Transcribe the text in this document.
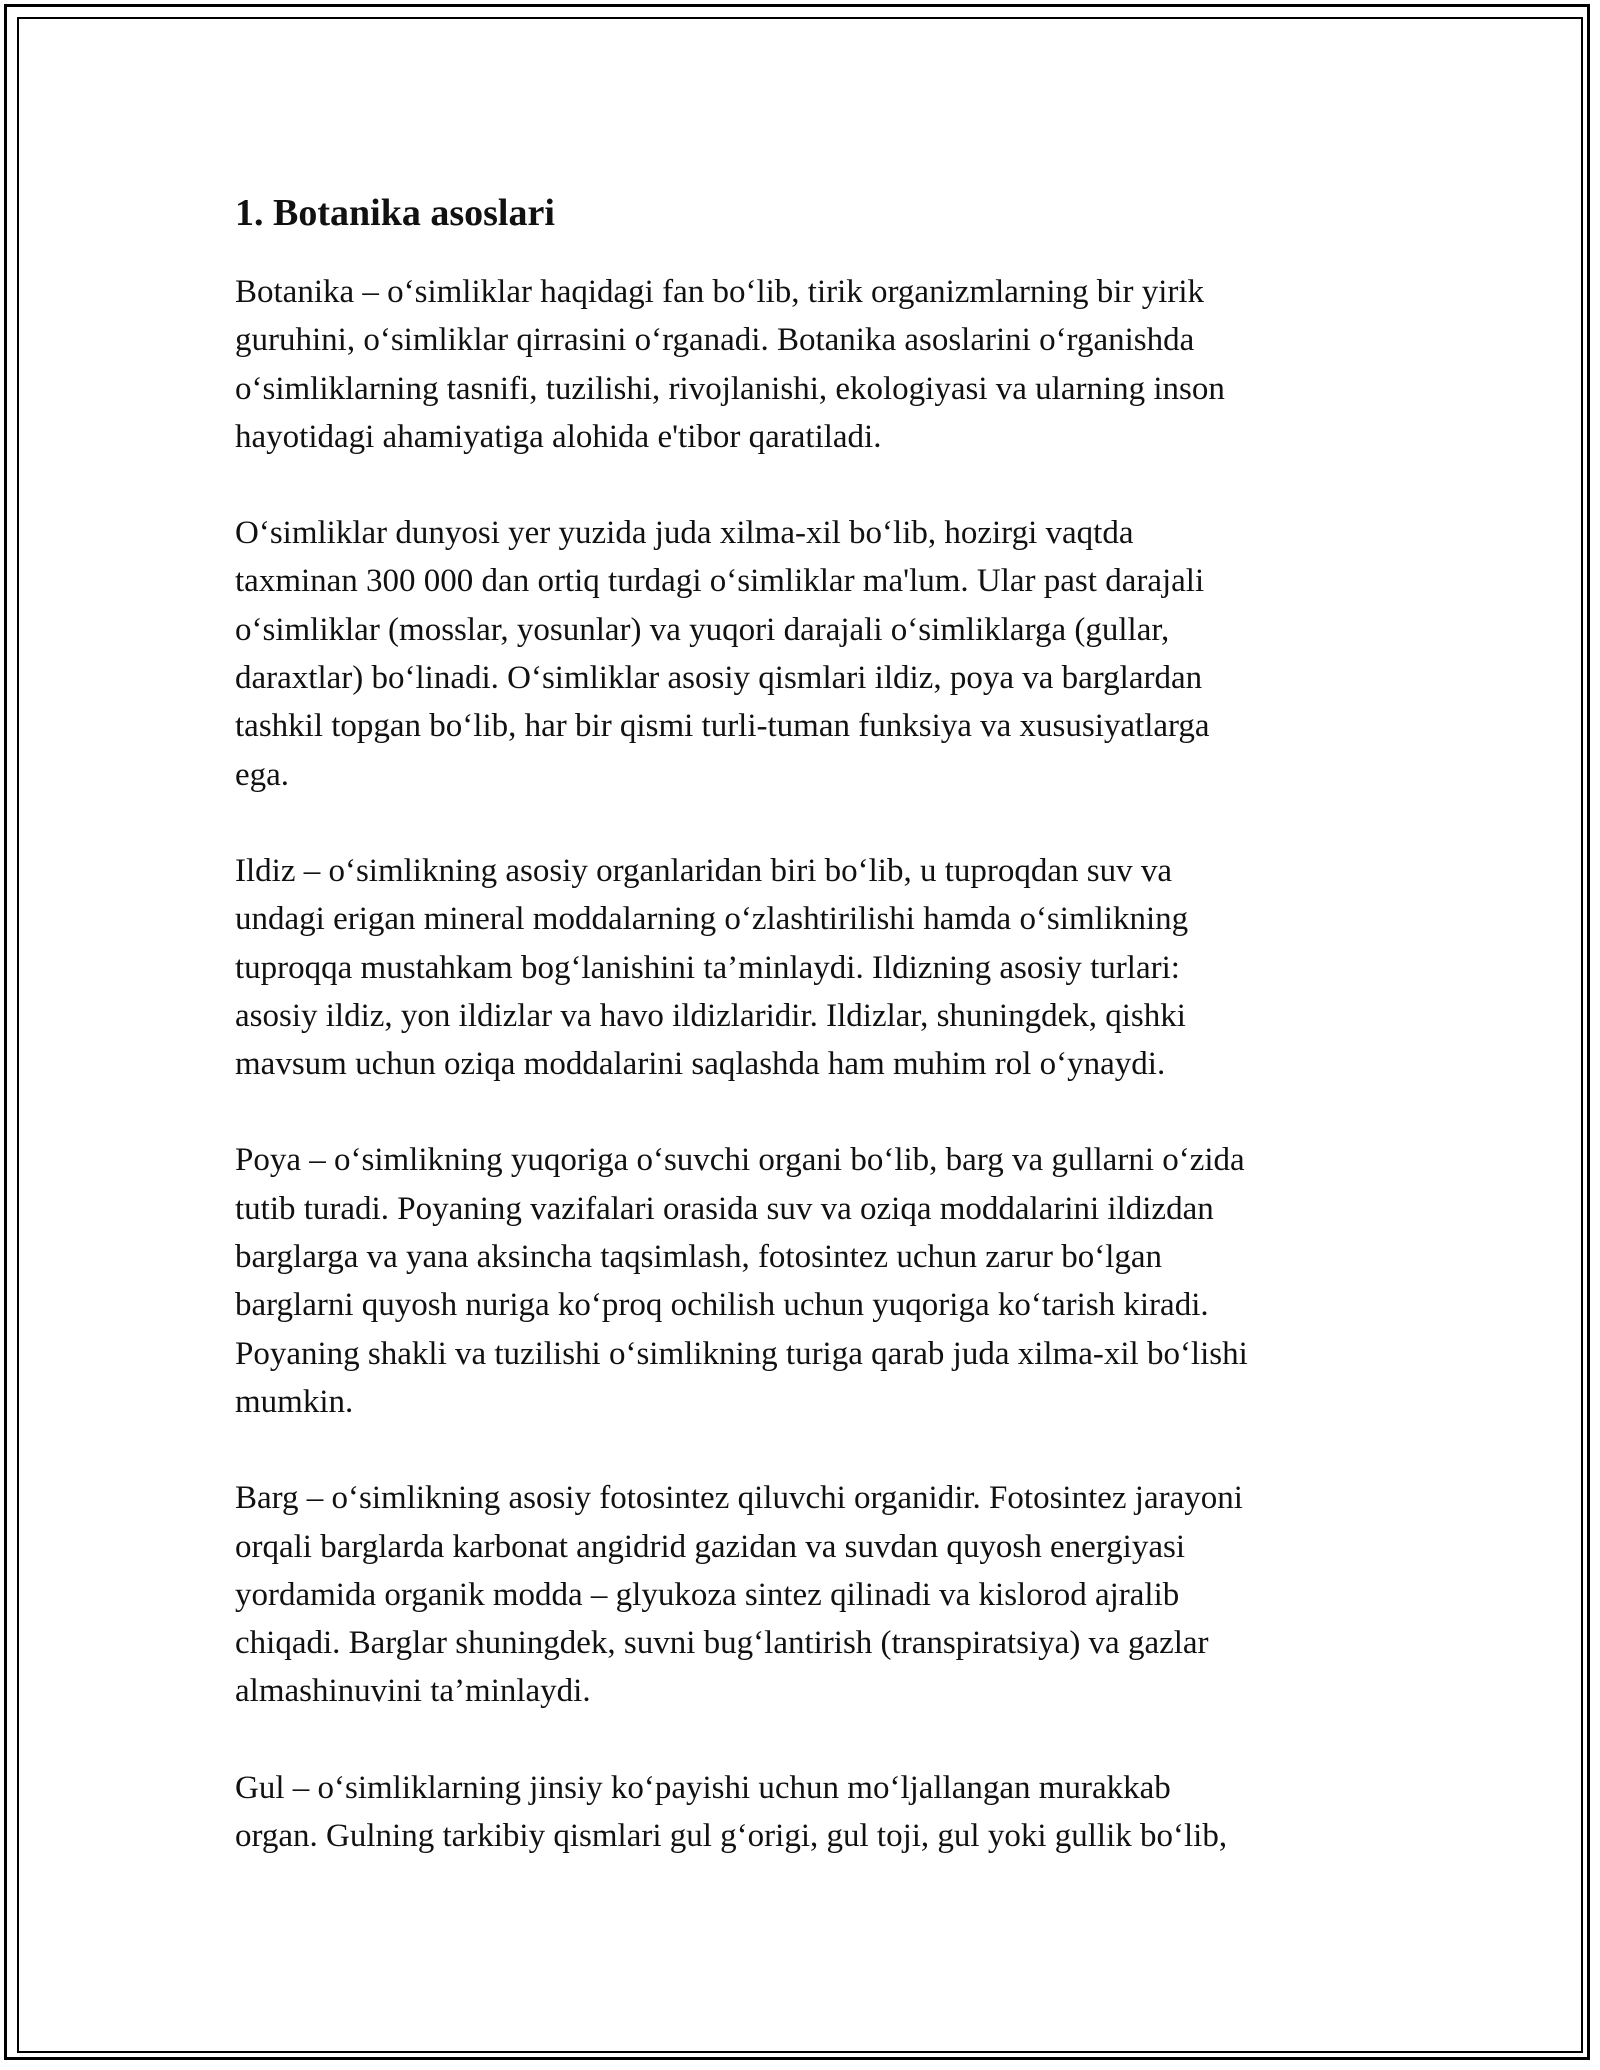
1. Botanika asoslari
Botanika – o‘simliklar haqidagi fan bo‘lib, tirik organizmlarning bir yirik
guruhini, o‘simliklar qirrasini o‘rganadi. Botanika asoslarini o‘rganishda
o‘simliklarning tasnifi, tuzilishi, rivojlanishi, ekologiyasi va ularning inson
hayotidagi ahamiyatiga alohida e'tibor qaratiladi.
O‘simliklar dunyosi yer yuzida juda xilma-xil bo‘lib, hozirgi vaqtda
taxminan 300 000 dan ortiq turdagi o‘simliklar ma'lum. Ular past darajali
o‘simliklar (mosslar, yosunlar) va yuqori darajali o‘simliklarga (gullar,
daraxtlar) bo‘linadi. O‘simliklar asosiy qismlari ildiz, poya va barglardan
tashkil topgan bo‘lib, har bir qismi turli-tuman funksiya va xususiyatlarga
ega.
Ildiz – o‘simlikning asosiy organlaridan biri bo‘lib, u tuproqdan suv va
undagi erigan mineral moddalarning o‘zlashtirilishi hamda o‘simlikning
tuproqqa mustahkam bog‘lanishini ta’minlaydi. Ildizning asosiy turlari:
asosiy ildiz, yon ildizlar va havo ildizlaridir. Ildizlar, shuningdek, qishki
mavsum uchun oziqa moddalarini saqlashda ham muhim rol o‘ynaydi.
Poya – o‘simlikning yuqoriga o‘suvchi organi bo‘lib, barg va gullarni o‘zida
tutib turadi. Poyaning vazifalari orasida suv va oziqa moddalarini ildizdan
barglarga va yana aksincha taqsimlash, fotosintez uchun zarur bo‘lgan
barglarni quyosh nuriga ko‘proq ochilish uchun yuqoriga ko‘tarish kiradi.
Poyaning shakli va tuzilishi o‘simlikning turiga qarab juda xilma-xil bo‘lishi
mumkin.
Barg – o‘simlikning asosiy fotosintez qiluvchi organidir. Fotosintez jarayoni
orqali barglarda karbonat angidrid gazidan va suvdan quyosh energiyasi
yordamida organik modda – glyukoza sintez qilinadi va kislorod ajralib
chiqadi. Barglar shuningdek, suvni bug‘lantirish (transpiratsiya) va gazlar
almashinuvini ta’minlaydi.
Gul – o‘simliklarning jinsiy ko‘payishi uchun mo‘ljallangan murakkab
organ. Gulning tarkibiy qismlari gul g‘origi, gul toji, gul yoki gullik bo‘lib,
